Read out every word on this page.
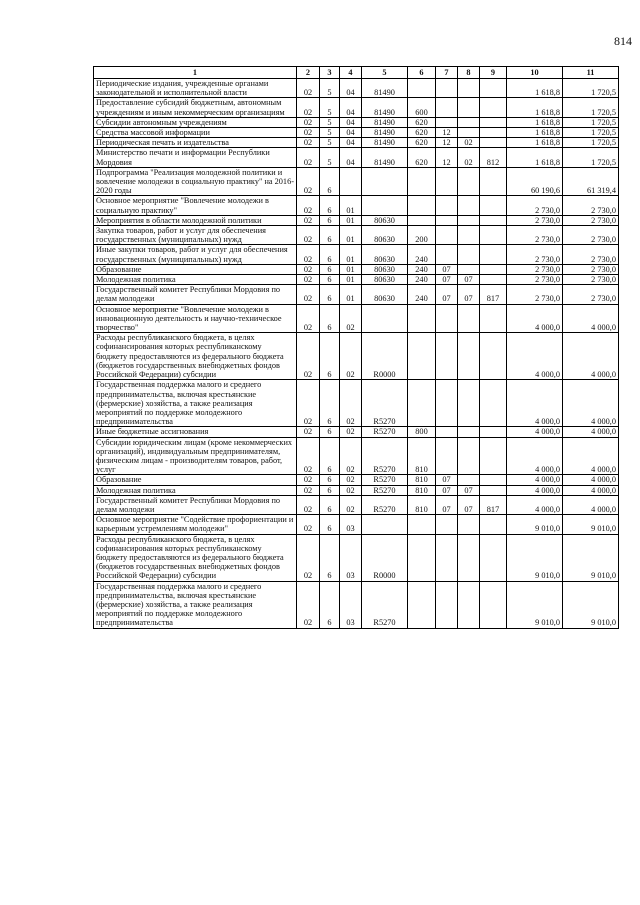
814
1	2	3	4	5	6	7	8	9	10	11
Периодические издания, учрежденные органами законодательной и исполнительной власти	02	5	04	81490					1 618,8	1 720,5
Предоставление субсидий бюджетным, автономным учреждениям и иным некоммерческим организациям	02	5	04	81490	600				1 618,8	1 720,5
Субсидии автономным учреждениям	02	5	04	81490	620				1 618,8	1 720,5
Средства массовой информации	02	5	04	81490	620	12			1 618,8	1 720,5
Периодическая печать и издательства	02	5	04	81490	620	12	02		1 618,8	1 720,5
Министерство печати и информации Республики Мордовия	02	5	04	81490	620	12	02	812	1 618,8	1 720,5
Подпрограмма "Реализация молодежной политики и вовлечение молодежи в социальную практику" на 2016-2020 годы	02	6							60 190,6	61 319,4
Основное мероприятие "Вовлечение молодежи в социальную практику"	02	6	01						2 730,0	2 730,0
Мероприятия в области молодежной политики	02	6	01	80630					2 730,0	2 730,0
Закупка товаров, работ и услуг для обеспечения государственных (муниципальных) нужд	02	6	01	80630	200				2 730,0	2 730,0
Иные закупки товаров, работ и услуг для обеспечения государственных (муниципальных) нужд	02	6	01	80630	240				2 730,0	2 730,0
Образование	02	6	01	80630	240	07			2 730,0	2 730,0
Молодежная политика	02	6	01	80630	240	07	07		2 730,0	2 730,0
Государственный комитет Республики Мордовия по делам молодежи	02	6	01	80630	240	07	07	817	2 730,0	2 730,0
Основное мероприятие "Вовлечение молодежи в инновационную деятельность и научно-техническое творчество"	02	6	02						4 000,0	4 000,0
Расходы республиканского бюджета, в целях софинансирования которых республиканскому бюджету предоставляются из федерального бюджета (бюджетов государственных внебюджетных фондов Российской Федерации) субсидии	02	6	02	R0000					4 000,0	4 000,0
Государственная поддержка малого и среднего предпринимательства, включая крестьянские (фермерские) хозяйства, а также реализация мероприятий по поддержке молодежного предпринимательства	02	6	02	R5270					4 000,0	4 000,0
Иные бюджетные ассигнования	02	6	02	R5270	800				4 000,0	4 000,0
Субсидии юридическим лицам (кроме некоммерческих организаций), индивидуальным предпринимателям, физическим лицам - производителям товаров, работ, услуг	02	6	02	R5270	810				4 000,0	4 000,0
Образование	02	6	02	R5270	810	07			4 000,0	4 000,0
Молодежная политика	02	6	02	R5270	810	07	07		4 000,0	4 000,0
Государственный комитет Республики Мордовия по делам молодежи	02	6	02	R5270	810	07	07	817	4 000,0	4 000,0
Основное мероприятие "Содействие профориентации и карьерным устремлениям молодежи"	02	6	03						9 010,0	9 010,0
Расходы республиканского бюджета, в целях софинансирования которых республиканскому бюджету предоставляются из федерального бюджета (бюджетов государственных внебюджетных фондов Российской Федерации) субсидии	02	6	03	R0000					9 010,0	9 010,0
Государственная поддержка малого и среднего предпринимательства, включая крестьянские (фермерские) хозяйства, а также реализация мероприятий по поддержке молодежного предпринимательства	02	6	03	R5270					9 010,0	9 010,0
